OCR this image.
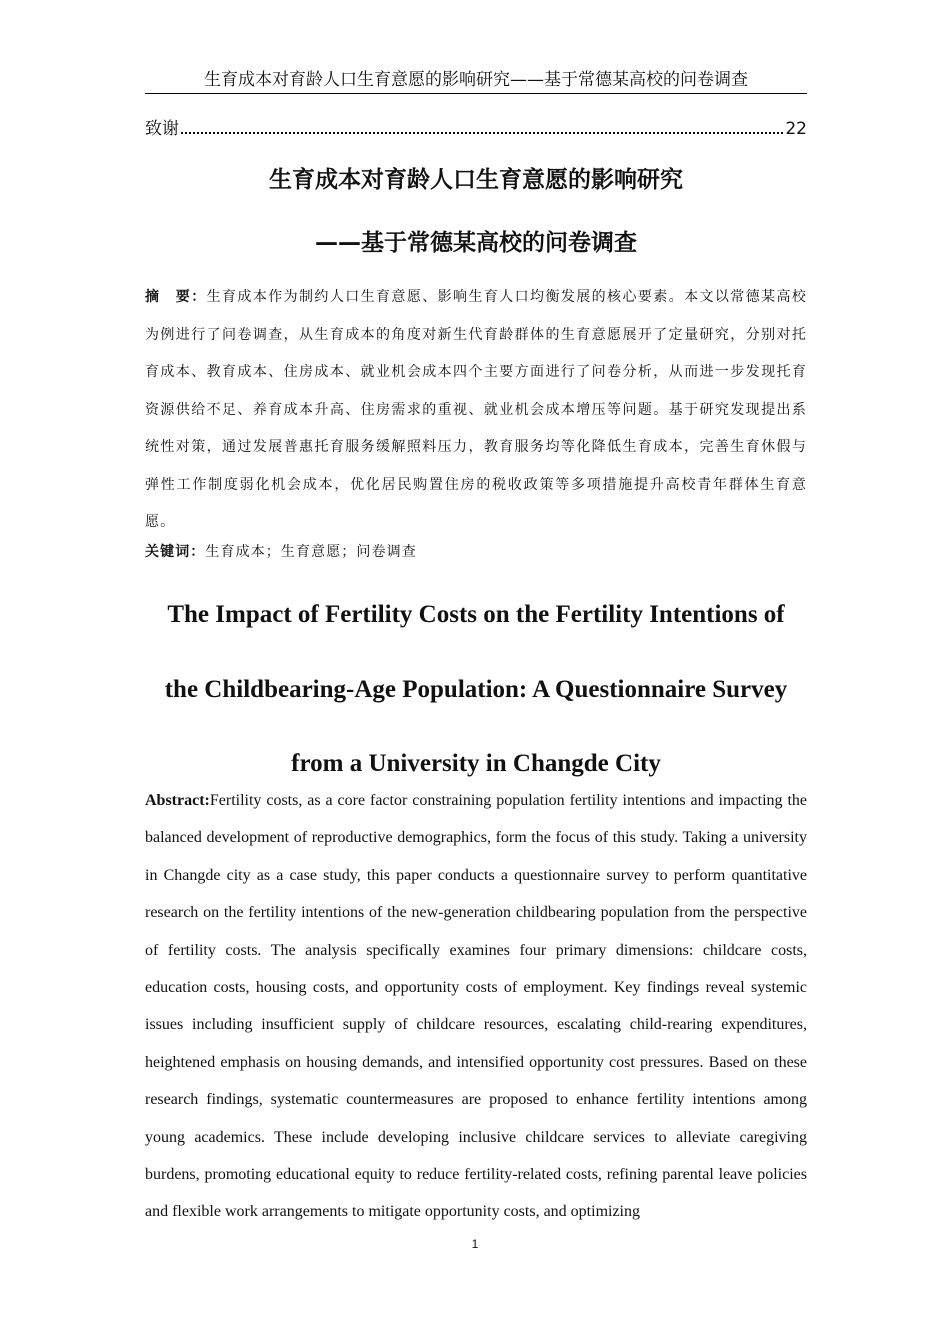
生育成本对育龄人口生育意愿的影响研究——基于常德某高校的问卷调查
致谢	22
生育成本对育龄人口生育意愿的影响研究
——基于常德某高校的问卷调查
摘　要：生育成本作为制约人口生育意愿、影响生育人口均衡发展的核心要素。本文以常德某高校为例进行了问卷调查，从生育成本的角度对新生代育龄群体的生育意愿展开了定量研究，分别对托育成本、教育成本、住房成本、就业机会成本四个主要方面进行了问卷分析，从而进一步发现托育资源供给不足、养育成本升高、住房需求的重视、就业机会成本增压等问题。基于研究发现提出系统性对策，通过发展普惠托育服务缓解照料压力，教育服务均等化降低生育成本，完善生育休假与弹性工作制度弱化机会成本，优化居民购置住房的税收政策等多项措施提升高校青年群体生育意愿。
关键词：生育成本；生育意愿；问卷调查
The Impact of Fertility Costs on the Fertility Intentions of
the Childbearing-Age Population: A Questionnaire Survey
from a University in Changde City
Abstract:Fertility costs, as a core factor constraining population fertility intentions and impacting the balanced development of reproductive demographics, form the focus of this study. Taking a university in Changde city as a case study, this paper conducts a questionnaire survey to perform quantitative research on the fertility intentions of the new-generation childbearing population from the perspective of fertility costs. The analysis specifically examines four primary dimensions: childcare costs, education costs, housing costs, and opportunity costs of employment. Key findings reveal systemic issues including insufficient supply of childcare resources, escalating child-rearing expenditures, heightened emphasis on housing demands, and intensified opportunity cost pressures. Based on these research findings, systematic countermeasures are proposed to enhance fertility intentions among young academics. These include developing inclusive childcare services to alleviate caregiving burdens, promoting educational equity to reduce fertility-related costs, refining parental leave policies and flexible work arrangements to mitigate opportunity costs, and optimizing
1
